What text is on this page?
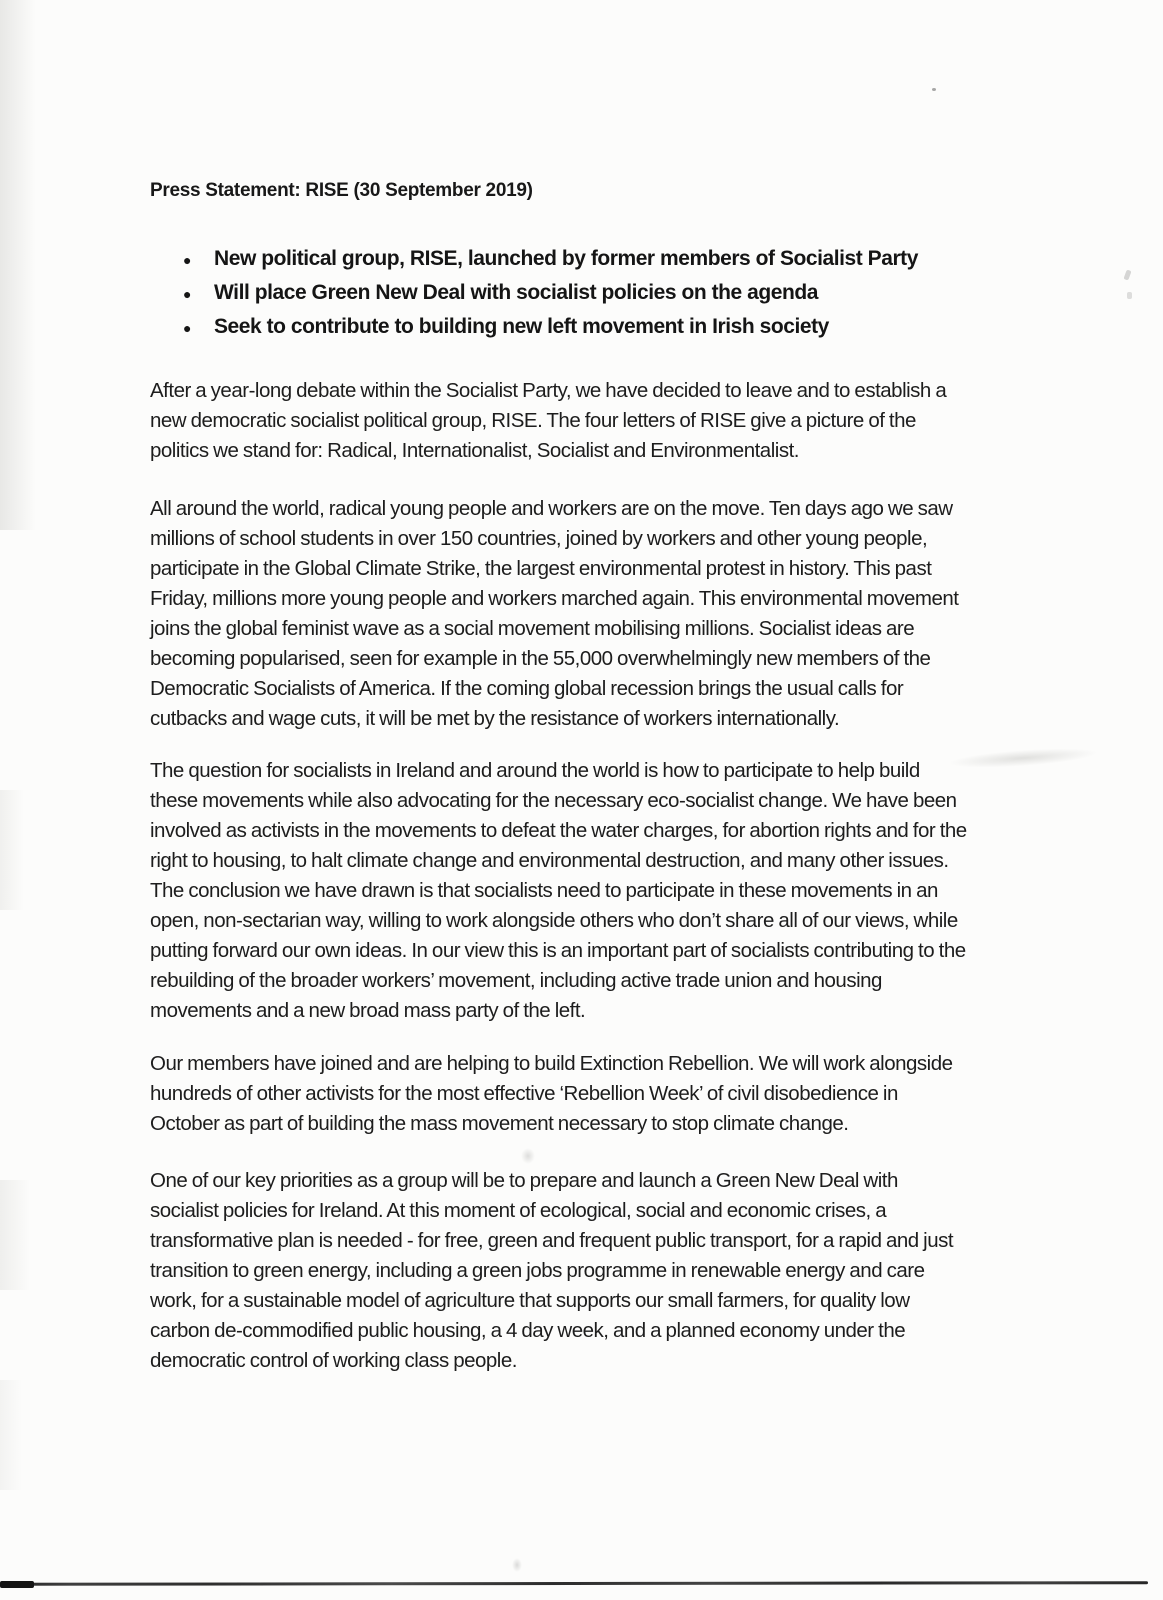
Press Statement: RISE (30 September 2019)
● New political group, RISE, launched by former members of Socialist Party
● Will place Green New Deal with socialist policies on the agenda
● Seek to contribute to building new left movement in Irish society

After a year-long debate within the Socialist Party, we have decided to leave and to establish a new democratic socialist political group, RISE. The four letters of RISE give a picture of the politics we stand for: Radical, Internationalist, Socialist and Environmentalist.

All around the world, radical young people and workers are on the move. Ten days ago we saw millions of school students in over 150 countries, joined by workers and other young people, participate in the Global Climate Strike, the largest environmental protest in history. This past Friday, millions more young people and workers marched again. This environmental movement joins the global feminist wave as a social movement mobilising millions. Socialist ideas are becoming popularised, seen for example in the 55,000 overwhelmingly new members of the Democratic Socialists of America. If the coming global recession brings the usual calls for cutbacks and wage cuts, it will be met by the resistance of workers internationally.

The question for socialists in Ireland and around the world is how to participate to help build these movements while also advocating for the necessary eco-socialist change. We have been involved as activists in the movements to defeat the water charges, for abortion rights and for the right to housing, to halt climate change and environmental destruction, and many other issues. The conclusion we have drawn is that socialists need to participate in these movements in an open, non-sectarian way, willing to work alongside others who don’t share all of our views, while putting forward our own ideas. In our view this is an important part of socialists contributing to the rebuilding of the broader workers’ movement, including active trade union and housing movements and a new broad mass party of the left.

Our members have joined and are helping to build Extinction Rebellion. We will work alongside hundreds of other activists for the most effective ‘Rebellion Week’ of civil disobedience in October as part of building the mass movement necessary to stop climate change.

One of our key priorities as a group will be to prepare and launch a Green New Deal with socialist policies for Ireland. At this moment of ecological, social and economic crises, a transformative plan is needed - for free, green and frequent public transport, for a rapid and just transition to green energy, including a green jobs programme in renewable energy and care work, for a sustainable model of agriculture that supports our small farmers, for quality low carbon de-commodified public housing, a 4 day week, and a planned economy under the democratic control of working class people.
